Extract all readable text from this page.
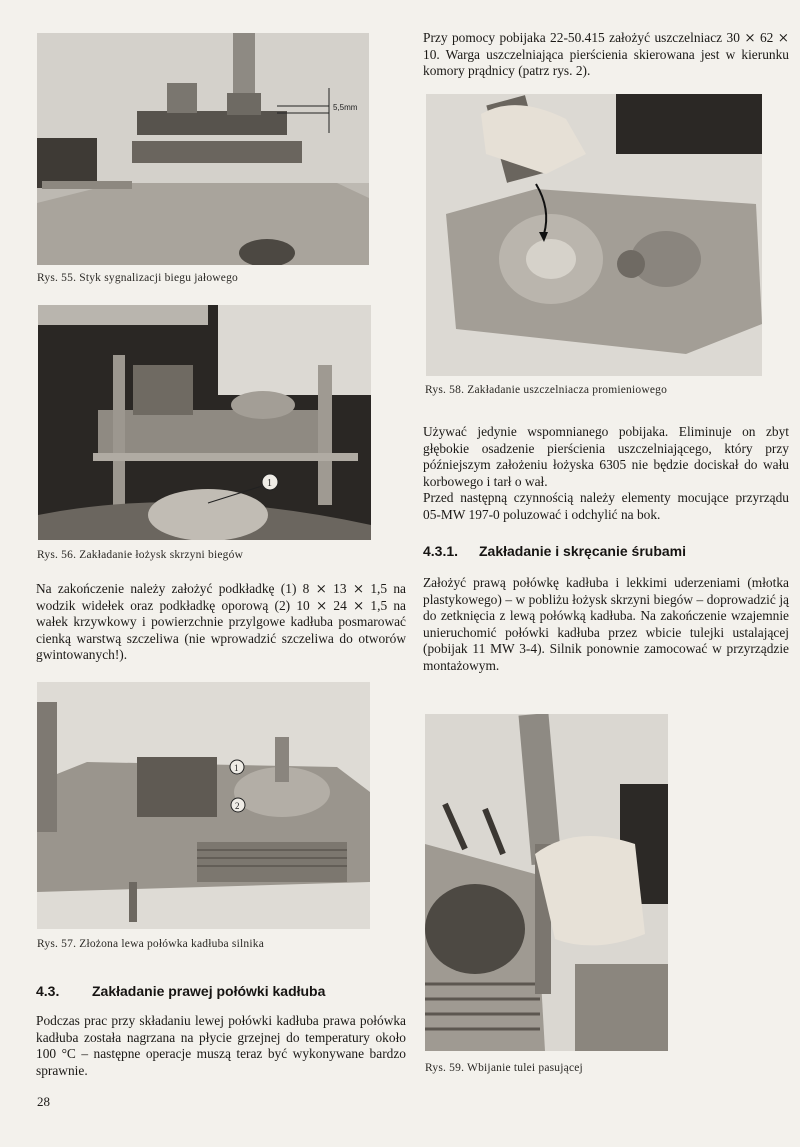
5,5mm
Rys. 55. Styk sygnalizacji biegu jałowego
1
Rys. 56. Zakładanie łożysk skrzyni biegów

Na zakończenie należy założyć podkładkę (1) 8 ⨯ 13 ⨯ 1,5 na wodzik widełek oraz podkładkę oporową (2) 10 ⨯ 24 ⨯ 1,5 na wałek krzywkowy i powierzchnie przylgowe kadłuba posmarować cienką warstwą szczeliwa (nie wprowadzić szczeliwa do otworów gwintowanych!).

1
2
Rys. 57. Złożona lewa połówka kadłuba silnika
4.3. Zakładanie prawej połówki kadłuba

Podczas prac przy składaniu lewej połówki kadłuba prawa połówka kadłuba została nagrzana na płycie grzejnej do temperatury około 100 °C – następne operacje muszą teraz być wykonywane bardzo sprawnie.

28

Przy pomocy pobijaka 22-50.415 założyć uszczelniacz 30 ⨯ 62 ⨯ 10. Warga uszczelniająca pierścienia skierowana jest w kierunku komory prądnicy (patrz rys. 2).

Rys. 58. Zakładanie uszczelniacza promieniowego

Używać jedynie wspomnianego pobijaka. Eliminuje on zbyt głębokie osadzenie pierścienia uszczelniającego, który przy późniejszym założeniu łożyska 6305 nie będzie dociskał do wału korbowego i tarł o wał.

Przed następną czynnością należy elementy mocujące przyrządu 05-MW 197-0 poluzować i odchylić na bok.

4.3.1. Zakładanie i skręcanie śrubami

Założyć prawą połówkę kadłuba i lekkimi uderzeniami (młotka plastykowego) – w pobliżu łożysk skrzyni biegów – doprowadzić ją do zetknięcia z lewą połówką kadłuba. Na zakończenie wzajemnie unieruchomić połówki kadłuba przez wbicie tulejki ustalającej (pobijak 11 MW 3-4). Silnik ponownie zamocować w przyrządzie montażowym.

Rys. 59. Wbijanie tulei pasującej
